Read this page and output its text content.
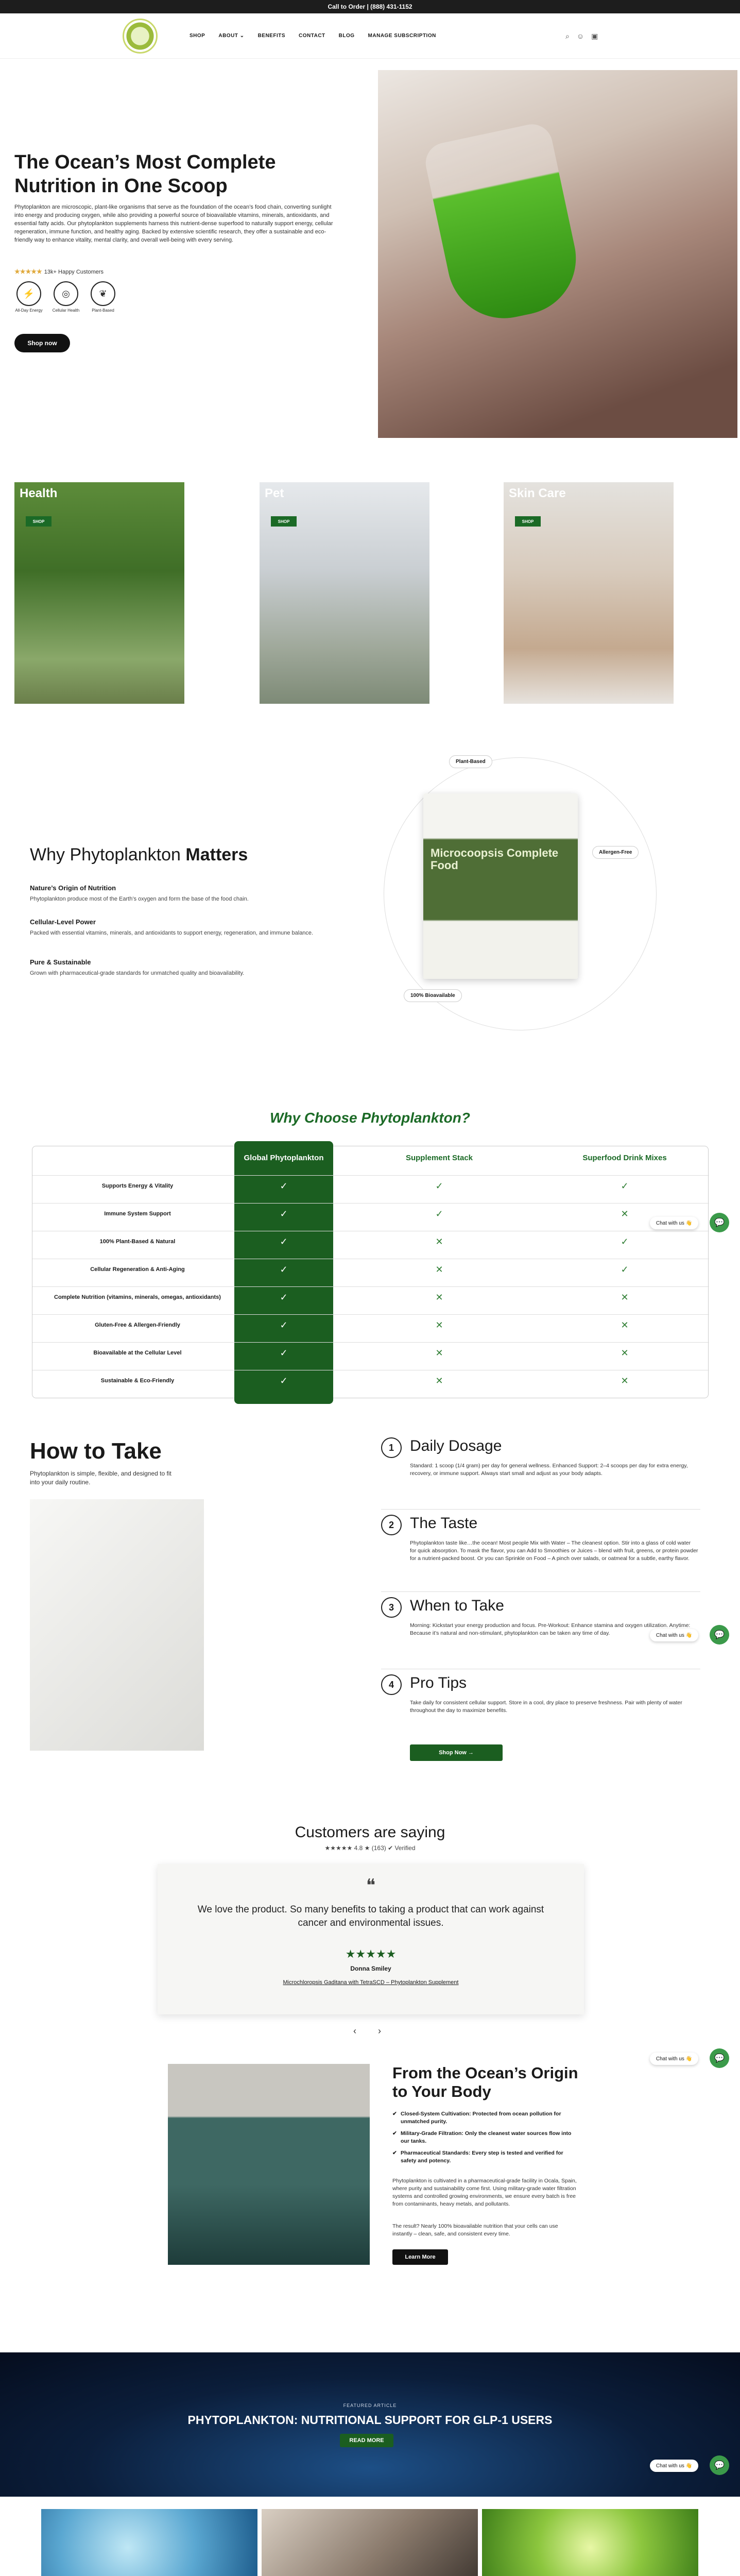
Call to Order | (888) 431-1152
SHOP	ABOUT ⌄	BENEFITS	CONTACT	BLOG	MANAGE SUBSCRIPTION	⌕ ☺ ▣
The Ocean’s Most Complete Nutrition in One Scoop

Phytoplankton are microscopic, plant-like organisms that serve as the foundation of the ocean’s food chain, converting sunlight into energy and producing oxygen, while also providing a powerful source of bioavailable vitamins, minerals, antioxidants, and essential fatty acids. Our phytoplankton supplements harness this nutrient-dense superfood to naturally support energy, cellular regeneration, immune function, and healthy aging. Backed by extensive scientific research, they offer a sustainable and eco-friendly way to enhance vitality, mental clarity, and overall well-being with every serving.

★★★★★ 13k+ Happy Customers
⚡
All-Day Energy
◎
Cellular Health
❦
Plant-Based
Shop now
Health
SHOP
Pet
SHOP
Skin Care
SHOP
Why Phytoplankton Matters
Nature’s Origin of Nutrition

Phytoplankton produce most of the Earth’s oxygen and form the base of the food chain.

Cellular-Level Power

Packed with essential vitamins, minerals, and antioxidants to support energy, regeneration, and immune balance.

Pure & Sustainable

Grown with pharmaceutical-grade standards for unmatched quality and bioavailability.

Microcoopsis Complete Food
Plant-Based
Allergen-Free
100% Bioavailable
Why Choose Phytoplankton?
Global Phytoplankton	Supplement Stack	Superfood Drink Mixes
Supports Energy & Vitality	✓	✓	✓
Immune System Support	✓	✓	✕
100% Plant-Based & Natural	✓	✕	✓
Cellular Regeneration & Anti-Aging	✓	✕	✓
Complete Nutrition (vitamins, minerals, omegas, antioxidants)	✓	✕	✕
Gluten-Free & Allergen-Friendly	✓	✕	✕
Bioavailable at the Cellular Level	✓	✕	✕
Sustainable & Eco-Friendly	✓	✕	✕
Chat with us 👋	💬
How to Take

Phytoplankton is simple, flexible, and designed to fit into your daily routine.

1	Daily Dosage

Standard: 1 scoop (1/4 gram) per day for general wellness. Enhanced Support: 2–4 scoops per day for extra energy, recovery, or immune support. Always start small and adjust as your body adapts.

2	The Taste

Phytoplankton taste like…the ocean! Most people Mix with Water – The cleanest option. Stir into a glass of cold water for quick absorption. To mask the flavor, you can Add to Smoothies or Juices – blend with fruit, greens, or protein powder for a nutrient-packed boost. Or you can Sprinkle on Food – A pinch over salads, or oatmeal for a subtle, earthy flavor.

3	When to Take

Morning: Kickstart your energy production and focus. Pre-Workout: Enhance stamina and oxygen utilization. Anytime: Because it’s natural and non-stimulant, phytoplankton can be taken any time of day.

4	Pro Tips

Take daily for consistent cellular support. Store in a cool, dry place to preserve freshness. Pair with plenty of water throughout the day to maximize benefits.

Shop Now →
Chat with us 👋	💬
Customers are saying
★★★★★ 4.8 ★ (163) ✔ Verified
❝
We love the product. So many benefits to taking a product that can work against cancer and environmental issues.
★★★★★
Donna Smiley
Microchloropsis Gaditana with TetraSCD – Phytoplankton Supplement
‹ ›
From the Ocean’s Origin to Your Body
✔ Closed-System Cultivation: Protected from ocean pollution for unmatched purity.
✔ Military-Grade Filtration: Only the cleanest water sources flow into our tanks.
✔ Pharmaceutical Standards: Every step is tested and verified for safety and potency.

Phytoplankton is cultivated in a pharmaceutical-grade facility in Ocala, Spain, where purity and sustainability come first. Using military-grade water filtration systems and controlled growing environments, we ensure every batch is free from contaminants, heavy metals, and pollutants.

The result? Nearly 100% bioavailable nutrition that your cells can use instantly – clean, safe, and consistent every time.

Learn More
Chat with us 👋	💬
FEATURED ARTICLE
PHYTOPLANKTON: NUTRITIONAL SUPPORT FOR GLP-1 USERS
READ MORE
Chat with us 👋	💬
